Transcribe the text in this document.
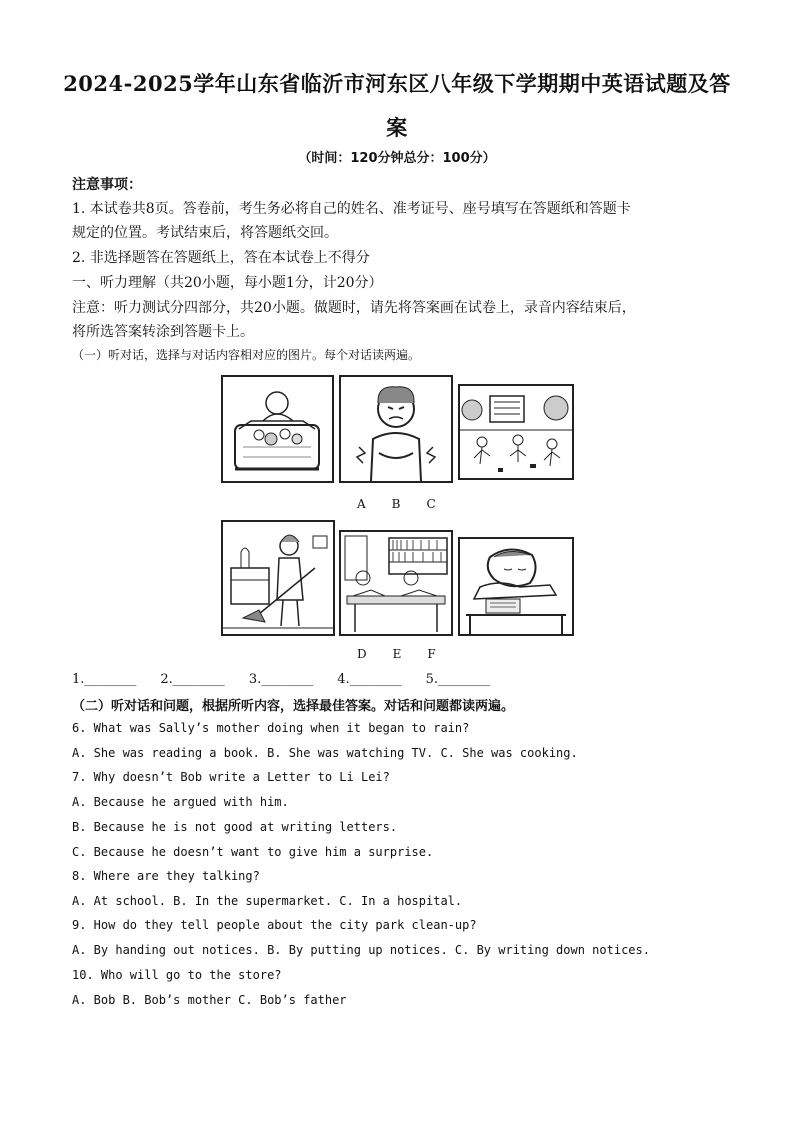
2024-2025学年山东省临沂市河东区八年级下学期期中英语试题及答
案
（时间：120分钟总分：100分）
注意事项：
1. 本试卷共8页。答卷前，考生务必将自己的姓名、准考证号、座号填写在答题纸和答题卡
规定的位置。考试结束后，将答题纸交回。
2. 非选择题答在答题纸上，答在本试卷上不得分
一、听力理解（共20小题，每小题1分，计20分）
注意：听力测试分四部分，共20小题。做题时，请先将答案画在试卷上，录音内容结束后，
将所选答案转涂到答题卡上。
（一）听对话，选择与对话内容相对应的图片。每个对话读两遍。
A B C
D E F
1.________ 2.________ 3.________ 4.________ 5.________
（二）听对话和问题，根据所听内容，选择最佳答案。对话和问题都读两遍。
6. What was Sally’s mother doing when it began to rain?
A. She was reading a book. B. She was watching TV. C. She was cooking.
7. Why doesn’t Bob write a Letter to Li Lei?
A. Because he argued with him.
B. Because he is not good at writing letters.
C. Because he doesn’t want to give him a surprise.
8. Where are they talking?
A. At school. B. In the supermarket. C. In a hospital.
9. How do they tell people about the city park clean-up?
A. By handing out notices. B. By putting up notices. C. By writing down notices.
10. Who will go to the store?
A. Bob B. Bob’s mother C. Bob’s father
